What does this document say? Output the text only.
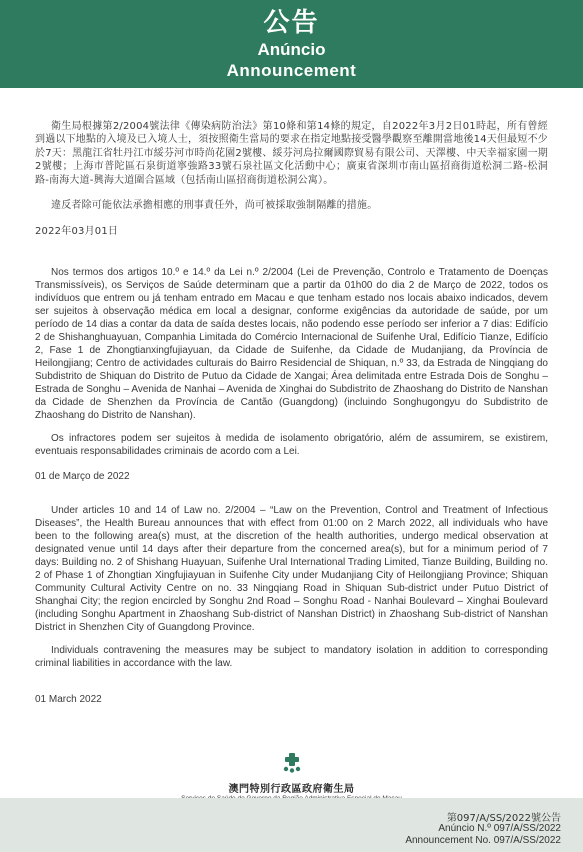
公告
Anúncio
Announcement

衛生局根據第2/2004號法律《傳染病防治法》第10條和第14條的規定，自2022年3月2日01時起，所有曾經到過以下地點的入境及已入境人士，須按照衛生當局的要求在指定地點接受醫學觀察至離開當地後14天但最短不少於7天：黑龍江省牡丹江市綏芬河市時尚花園2號樓、綏芬河烏拉爾國際貿易有限公司、天澤樓、中天幸福家園一期2號樓；上海市普陀區石泉街道寧強路33號石泉社區文化活動中心；廣東省深圳市南山區招商街道松洞二路-松洞路-南海大道-興海大道圍合區域（包括南山區招商街道松洞公寓）。

違反者除可能依法承擔相應的刑事責任外，尚可被採取強制隔離的措施。

2022年03月01日

Nos termos dos artigos 10.º e 14.º da Lei n.º 2/2004 (Lei de Prevenção, Controlo e Tratamento de Doenças Transmissíveis), os Serviços de Saúde determinam que a partir da 01h00 do dia 2 de Março de 2022, todos os indivíduos que entrem ou já tenham entrado em Macau e que tenham estado nos locais abaixo indicados, devem ser sujeitos à observação médica em local a designar, conforme exigências da autoridade de saúde, por um período de 14 dias a contar da data de saída destes locais, não podendo esse período ser inferior a 7 dias: Edifício 2 de Shishanghuayuan, Companhia Limitada do Comércio Internacional de Suifenhe Ural, Edifício Tianze, Edifício 2, Fase 1 de Zhongtianxingfujiayuan, da Cidade de Suifenhe, da Cidade de Mudanjiang, da Província de Heilongjiang; Centro de actividades culturais do Bairro Residencial de Shiquan, n.º 33, da Estrada de Ningqiang do Subdistrito de Shiquan do Distrito de Putuo da Cidade de Xangai; Área delimitada entre Estrada Dois de Songhu – Estrada de Songhu – Avenida de Nanhai – Avenida de Xinghai do Subdistrito de Zhaoshang do Distrito de Nanshan da Cidade de Shenzhen da Província de Cantão (Guangdong) (incluindo Songhugongyu do Subdistrito de Zhaoshang do Distrito de Nanshan).

Os infractores podem ser sujeitos à medida de isolamento obrigatório, além de assumirem, se existirem, eventuais responsabilidades criminais de acordo com a Lei.

01 de Março de 2022

Under articles 10 and 14 of Law no. 2/2004 – “Law on the Prevention, Control and Treatment of Infectious Diseases”, the Health Bureau announces that with effect from 01:00 on 2 March 2022, all individuals who have been to the following area(s) must, at the discretion of the health authorities, undergo medical observation at designated venue until 14 days after their departure from the concerned area(s), but for a minimum period of 7 days: Building no. 2 of Shishang Huayuan, Suifenhe Ural International Trading Limited, Tianze Building, Building no. 2 of Phase 1 of Zhongtian Xingfujiayuan in Suifenhe City under Mudanjiang City of Heilongjiang Province; Shiquan Community Cultural Activity Centre on no. 33 Ningqiang Road in Shiquan Sub-district under Putuo District of Shanghai City; the region encircled by Songhu 2nd Road – Songhu Road - Nanhai Boulevard – Xinghai Boulevard (including Songhu Apartment in Zhaoshang Sub-district of Nanshan District) in Zhaoshang Sub-district of Nanshan District in Shenzhen City of Guangdong Province.

Individuals contravening the measures may be subject to mandatory isolation in addition to corresponding criminal liabilities in accordance with the law.

01 March 2022

澳門特別行政區政府衛生局
第097/A/SS/2022號公告
Anúncio N.º 097/A/SS/2022
Announcement No. 097/A/SS/2022
